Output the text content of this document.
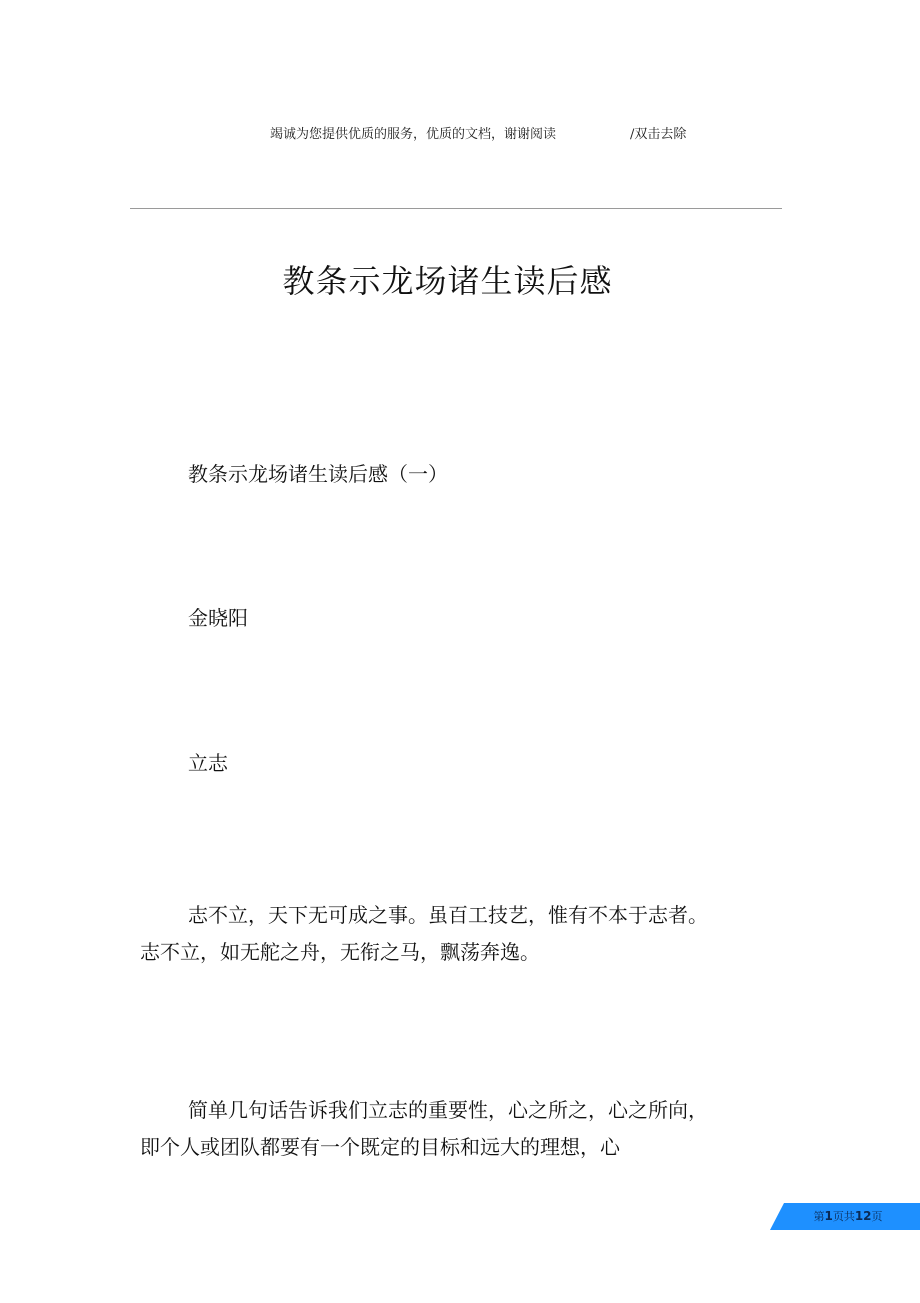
竭诚为您提供优质的服务，优质的文档，谢谢阅读	/双击去除
教条示龙场诸生读后感
教条示龙场诸生读后感（一）
金晓阳
立志
志不立，天下无可成之事。虽百工技艺，惟有不本于志者。志不立，如无舵之舟，无衔之马，飘荡奔逸。
简单几句话告诉我们立志的重要性，心之所之，心之所向，即个人或团队都要有一个既定的目标和远大的理想，心
第1页共12页
